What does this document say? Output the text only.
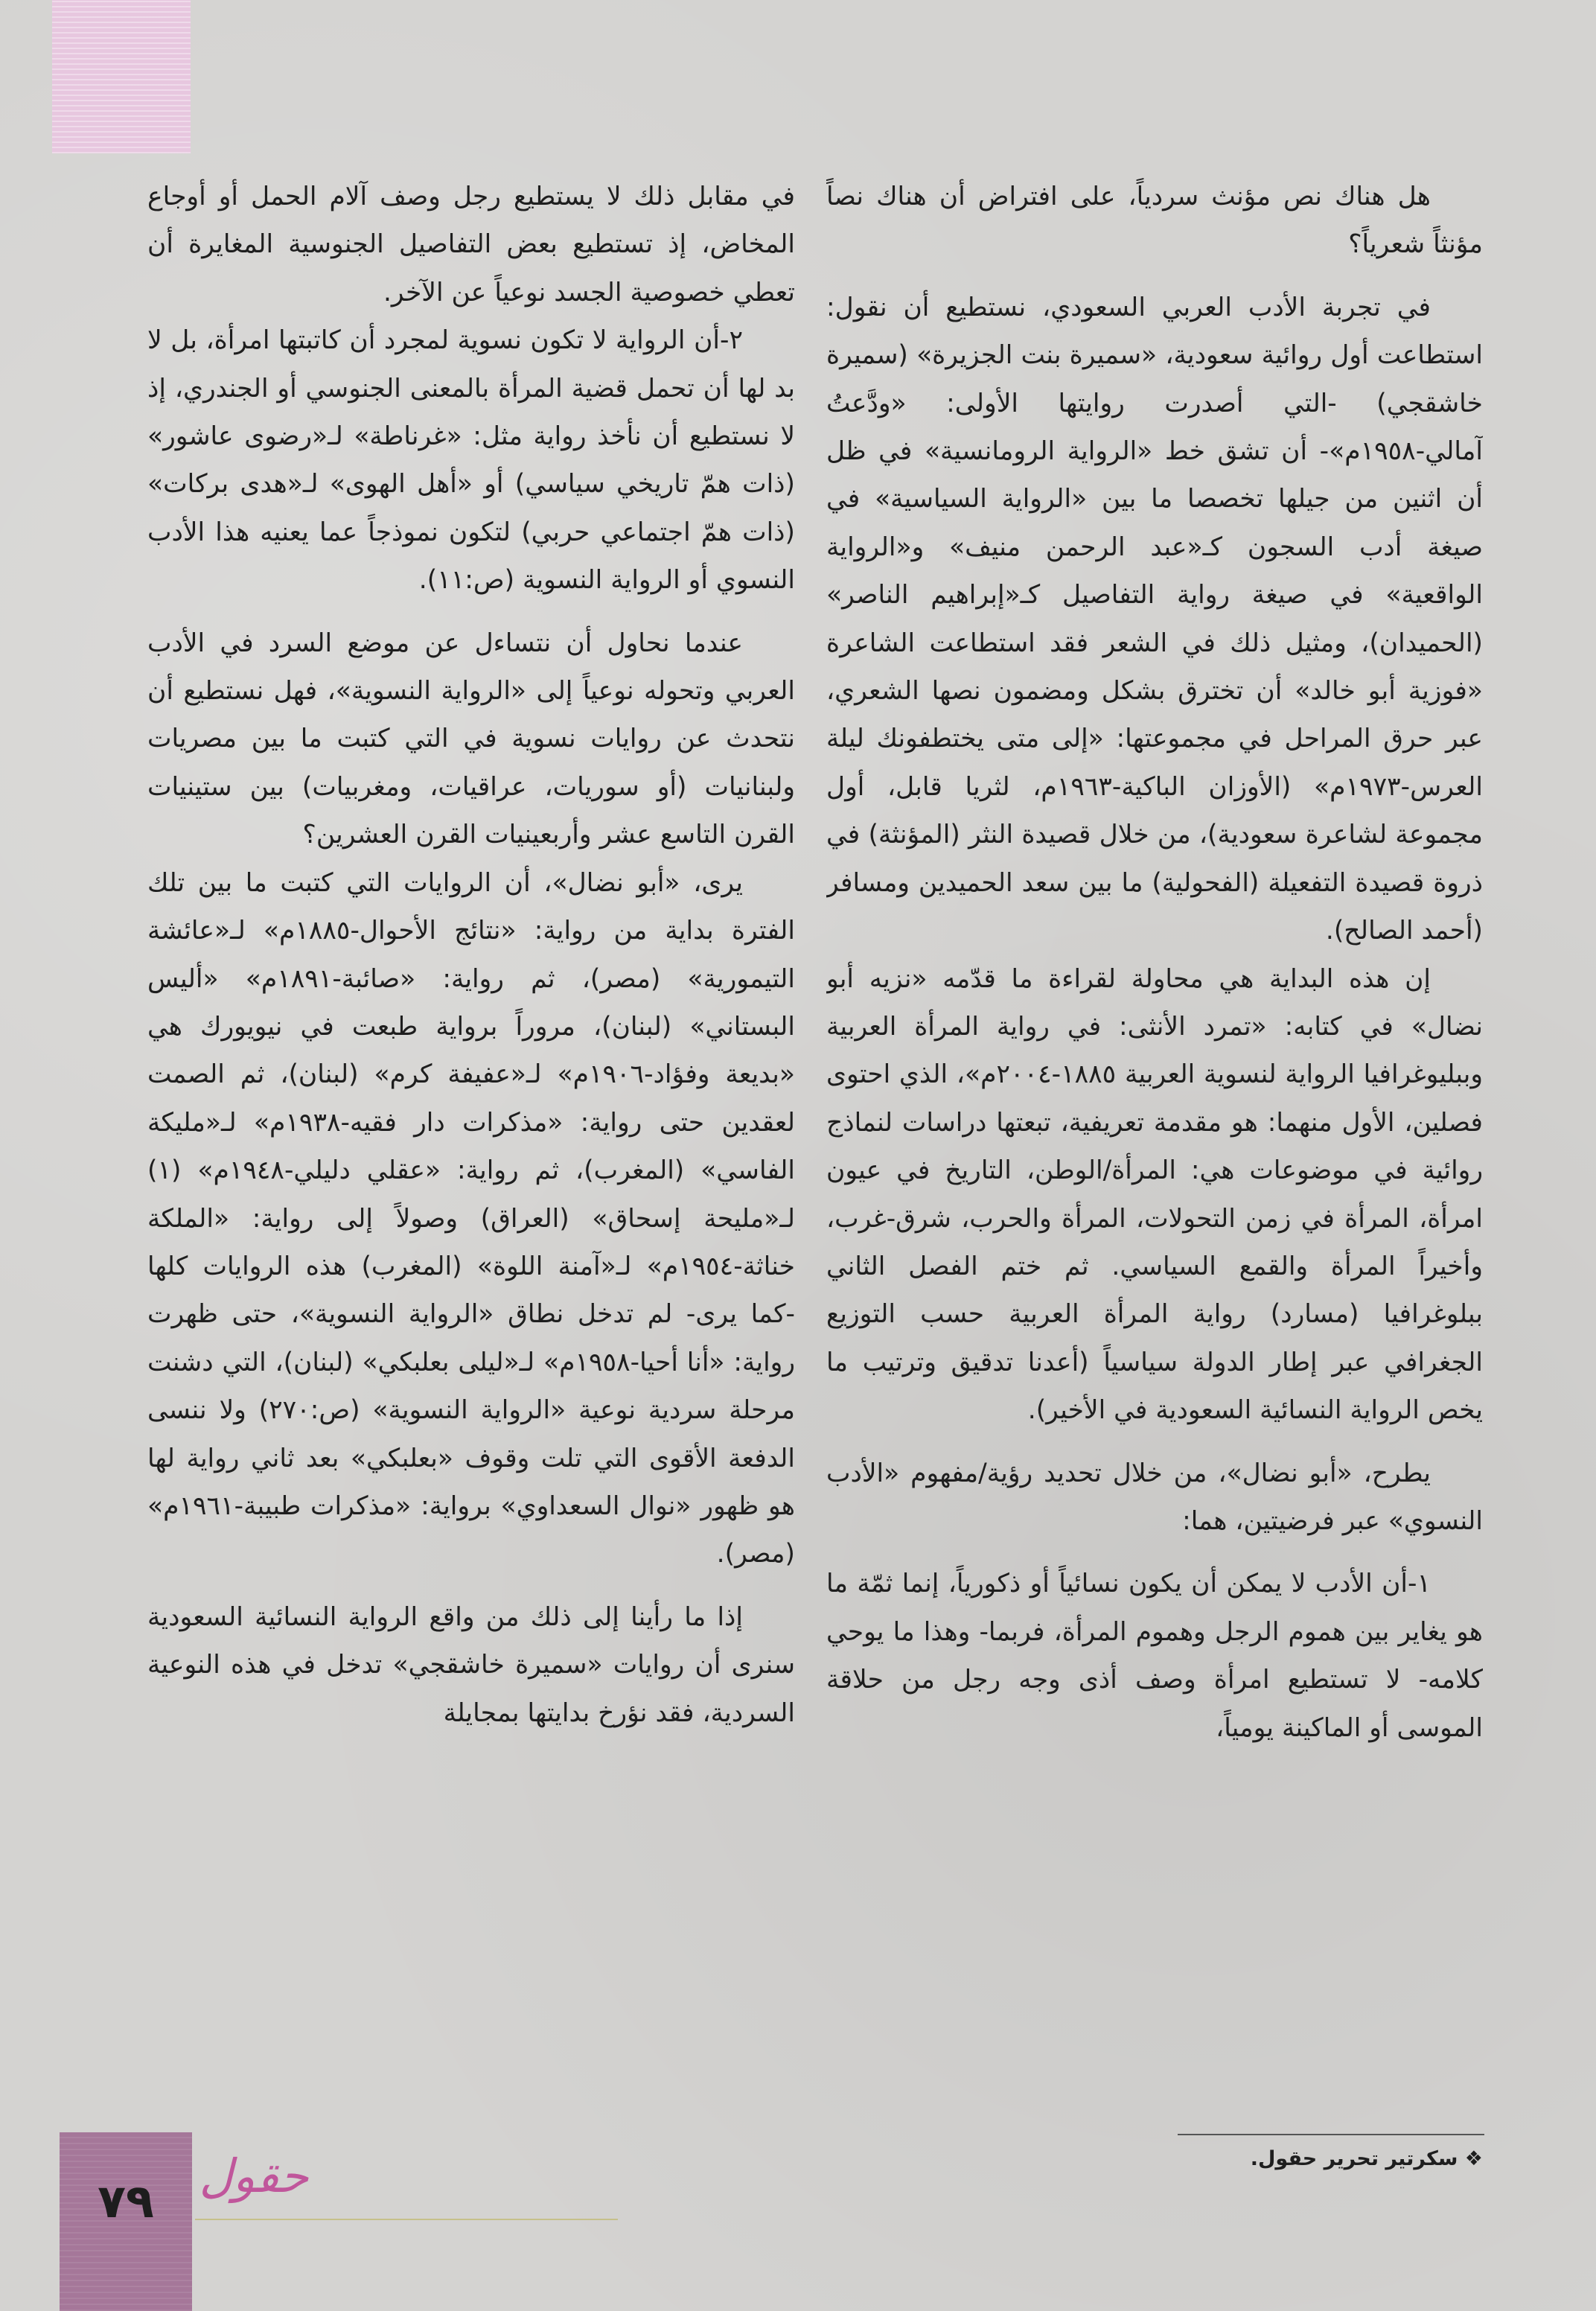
هل هناك نص مؤنث سردياً، على افتراض أن هناك نصاً مؤنثاً شعرياً؟

في تجربة الأدب العربي السعودي، نستطيع أن نقول: استطاعت أول روائية سعودية، «سميرة بنت الجزيرة» (سميرة خاشقجي) -التي أصدرت روايتها الأولى: «ودَّعتُ آمالي-١٩٥٨م»- أن تشق خط «الرواية الرومانسية» في ظل أن اثنين من جيلها تخصصا ما بين «الرواية السياسية» في صيغة أدب السجون كـ«عبد الرحمن منيف» و«الرواية الواقعية» في صيغة رواية التفاصيل كـ«إبراهيم الناصر» (الحميدان)، ومثيل ذلك في الشعر فقد استطاعت الشاعرة «فوزية أبو خالد» أن تخترق بشكل ومضمون نصها الشعري، عبر حرق المراحل في مجموعتها: «إلى متى يختطفونك ليلة العرس-١٩٧٣م» (الأوزان الباكية-١٩٦٣م، لثريا قابل، أول مجموعة لشاعرة سعودية)، من خلال قصيدة النثر (المؤنثة) في ذروة قصيدة التفعيلة (الفحولية) ما بين سعد الحميدين ومسافر (أحمد الصالح).

إن هذه البداية هي محاولة لقراءة ما قدّمه «نزيه أبو نضال» في كتابه: «تمرد الأنثى: في رواية المرأة العربية وببليوغرافيا الرواية لنسوية العربية ١٨٨٥-٢٠٠٤م»، الذي احتوى فصلين، الأول منهما: هو مقدمة تعريفية، تبعتها دراسات لنماذج روائية في موضوعات هي: المرأة/الوطن، التاريخ في عيون امرأة، المرأة في زمن التحولات، المرأة والحرب، شرق-غرب، وأخيراً المرأة والقمع السياسي. ثم ختم الفصل الثاني ببلوغرافيا (مسارد) رواية المرأة العربية حسب التوزيع الجغرافي عبر إطار الدولة سياسياً (أعدنا تدقيق وترتيب ما يخص الرواية النسائية السعودية في الأخير).

يطرح، «أبو نضال»، من خلال تحديد رؤية/مفهوم «الأدب النسوي» عبر فرضيتين، هما:

١-أن الأدب لا يمكن أن يكون نسائياً أو ذكورياً، إنما ثمّة ما هو يغاير بين هموم الرجل وهموم المرأة، فربما- وهذا ما يوحي كلامه- لا تستطيع امرأة وصف أذى وجه رجل من حلاقة الموسى أو الماكينة يومياً،

في مقابل ذلك لا يستطيع رجل وصف آلام الحمل أو أوجاع المخاض، إذ تستطيع بعض التفاصيل الجنوسية المغايرة أن تعطي خصوصية الجسد نوعياً عن الآخر.

٢-أن الرواية لا تكون نسوية لمجرد أن كاتبتها امرأة، بل لا بد لها أن تحمل قضية المرأة بالمعنى الجنوسي أو الجندري، إذ لا نستطيع أن نأخذ رواية مثل: «غرناطة» لـ«رضوى عاشور» (ذات همّ تاريخي سياسي) أو «أهل الهوى» لـ«هدى بركات» (ذات همّ اجتماعي حربي) لتكون نموذجاً عما يعنيه هذا الأدب النسوي أو الرواية النسوية (ص:١١).

عندما نحاول أن نتساءل عن موضع السرد في الأدب العربي وتحوله نوعياً إلى «الرواية النسوية»، فهل نستطيع أن نتحدث عن روايات نسوية في التي كتبت ما بين مصريات ولبنانيات (أو سوريات، عراقيات، ومغربيات) بين ستينيات القرن التاسع عشر وأربعينيات القرن العشرين؟

يرى، «أبو نضال»، أن الروايات التي كتبت ما بين تلك الفترة بداية من رواية: «نتائج الأحوال-١٨٨٥م» لـ«عائشة التيمورية» (مصر)، ثم رواية: «صائبة-١٨٩١م» «أليس البستاني» (لبنان)، مروراً برواية طبعت في نيويورك هي «بديعة وفؤاد-١٩٠٦م» لـ«عفيفة كرم» (لبنان)، ثم الصمت لعقدين حتى رواية: «مذكرات دار فقيه-١٩٣٨م» لـ«مليكة الفاسي» (المغرب)، ثم رواية: «عقلي دليلي-١٩٤٨م» (١) لـ«مليحة إسحاق» (العراق) وصولاً إلى رواية: «الملكة خناثة-١٩٥٤م» لـ«آمنة اللوة» (المغرب) هذه الروايات كلها -كما يرى- لم تدخل نطاق «الرواية النسوية»، حتى ظهرت رواية: «أنا أحيا-١٩٥٨م» لـ«ليلى بعلبكي» (لبنان)، التي دشنت مرحلة سردية نوعية «الرواية النسوية» (ص:٢٧٠) ولا ننسى الدفعة الأقوى التي تلت وقوف «بعلبكي» بعد ثاني رواية لها هو ظهور «نوال السعداوي» برواية: «مذكرات طبيبة-١٩٦١م» (مصر).

إذا ما رأينا إلى ذلك من واقع الرواية النسائية السعودية سنرى أن روايات «سميرة خاشقجي» تدخل في هذه النوعية السردية، فقد نؤرخ بدايتها بمجايلة

❖ سكرتير تحرير حقول.
٧٩ حقول
